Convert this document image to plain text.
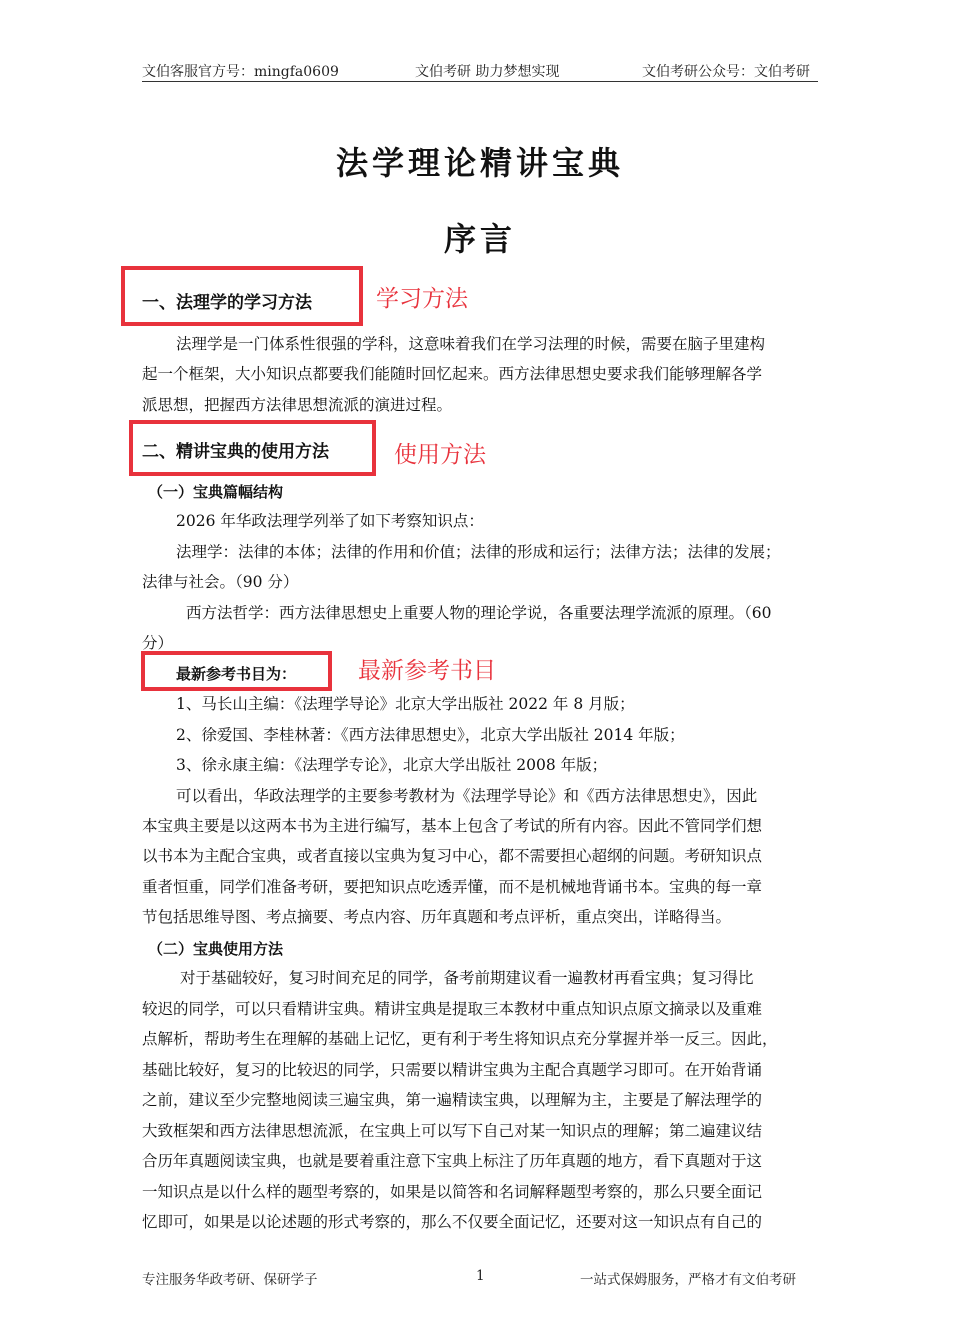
文伯客服官方号：mingfa0609	文伯考研 助力梦想实现	文伯考研公众号：文伯考研
法学理论精讲宝典
序言
一、法理学的学习方法	学习方法
法理学是一门体系性很强的学科，这意味着我们在学习法理的时候，需要在脑子里建构
起一个框架，大小知识点都要我们能随时回忆起来。西方法律思想史要求我们能够理解各学
派思想，把握西方法律思想流派的演进过程。
二、精讲宝典的使用方法	使用方法
（一）宝典篇幅结构
2026 年华政法理学列举了如下考察知识点：
法理学：法律的本体；法律的作用和价值；法律的形成和运行；法律方法；法律的发展；
法律与社会。（90 分）
西方法哲学：西方法律思想史上重要人物的理论学说，各重要法理学流派的原理。（60
分）
最新参考书目为：	最新参考书目
1、马长山主编：《法理学导论》北京大学出版社 2022 年 8 月版；
2、徐爱国、李桂林著：《西方法律思想史》，北京大学出版社 2014 年版；
3、徐永康主编：《法理学专论》，北京大学出版社 2008 年版；
可以看出，华政法理学的主要参考教材为《法理学导论》和《西方法律思想史》，因此
本宝典主要是以这两本书为主进行编写，基本上包含了考试的所有内容。因此不管同学们想
以书本为主配合宝典，或者直接以宝典为复习中心，都不需要担心超纲的问题。考研知识点
重者恒重，同学们准备考研，要把知识点吃透弄懂，而不是机械地背诵书本。宝典的每一章
节包括思维导图、考点摘要、考点内容、历年真题和考点评析，重点突出，详略得当。
（二）宝典使用方法
对于基础较好，复习时间充足的同学，备考前期建议看一遍教材再看宝典；复习得比
较迟的同学，可以只看精讲宝典。精讲宝典是提取三本教材中重点知识点原文摘录以及重难
点解析，帮助考生在理解的基础上记忆，更有利于考生将知识点充分掌握并举一反三。因此，
基础比较好，复习的比较迟的同学，只需要以精讲宝典为主配合真题学习即可。在开始背诵
之前，建议至少完整地阅读三遍宝典，第一遍精读宝典，以理解为主，主要是了解法理学的
大致框架和西方法律思想流派，在宝典上可以写下自己对某一知识点的理解；第二遍建议结
合历年真题阅读宝典，也就是要着重注意下宝典上标注了历年真题的地方，看下真题对于这
一知识点是以什么样的题型考察的，如果是以简答和名词解释题型考察的，那么只要全面记
忆即可，如果是以论述题的形式考察的，那么不仅要全面记忆，还要对这一知识点有自己的
专注服务华政考研、保研学子	1	一站式保姆服务，严格才有文伯考研
